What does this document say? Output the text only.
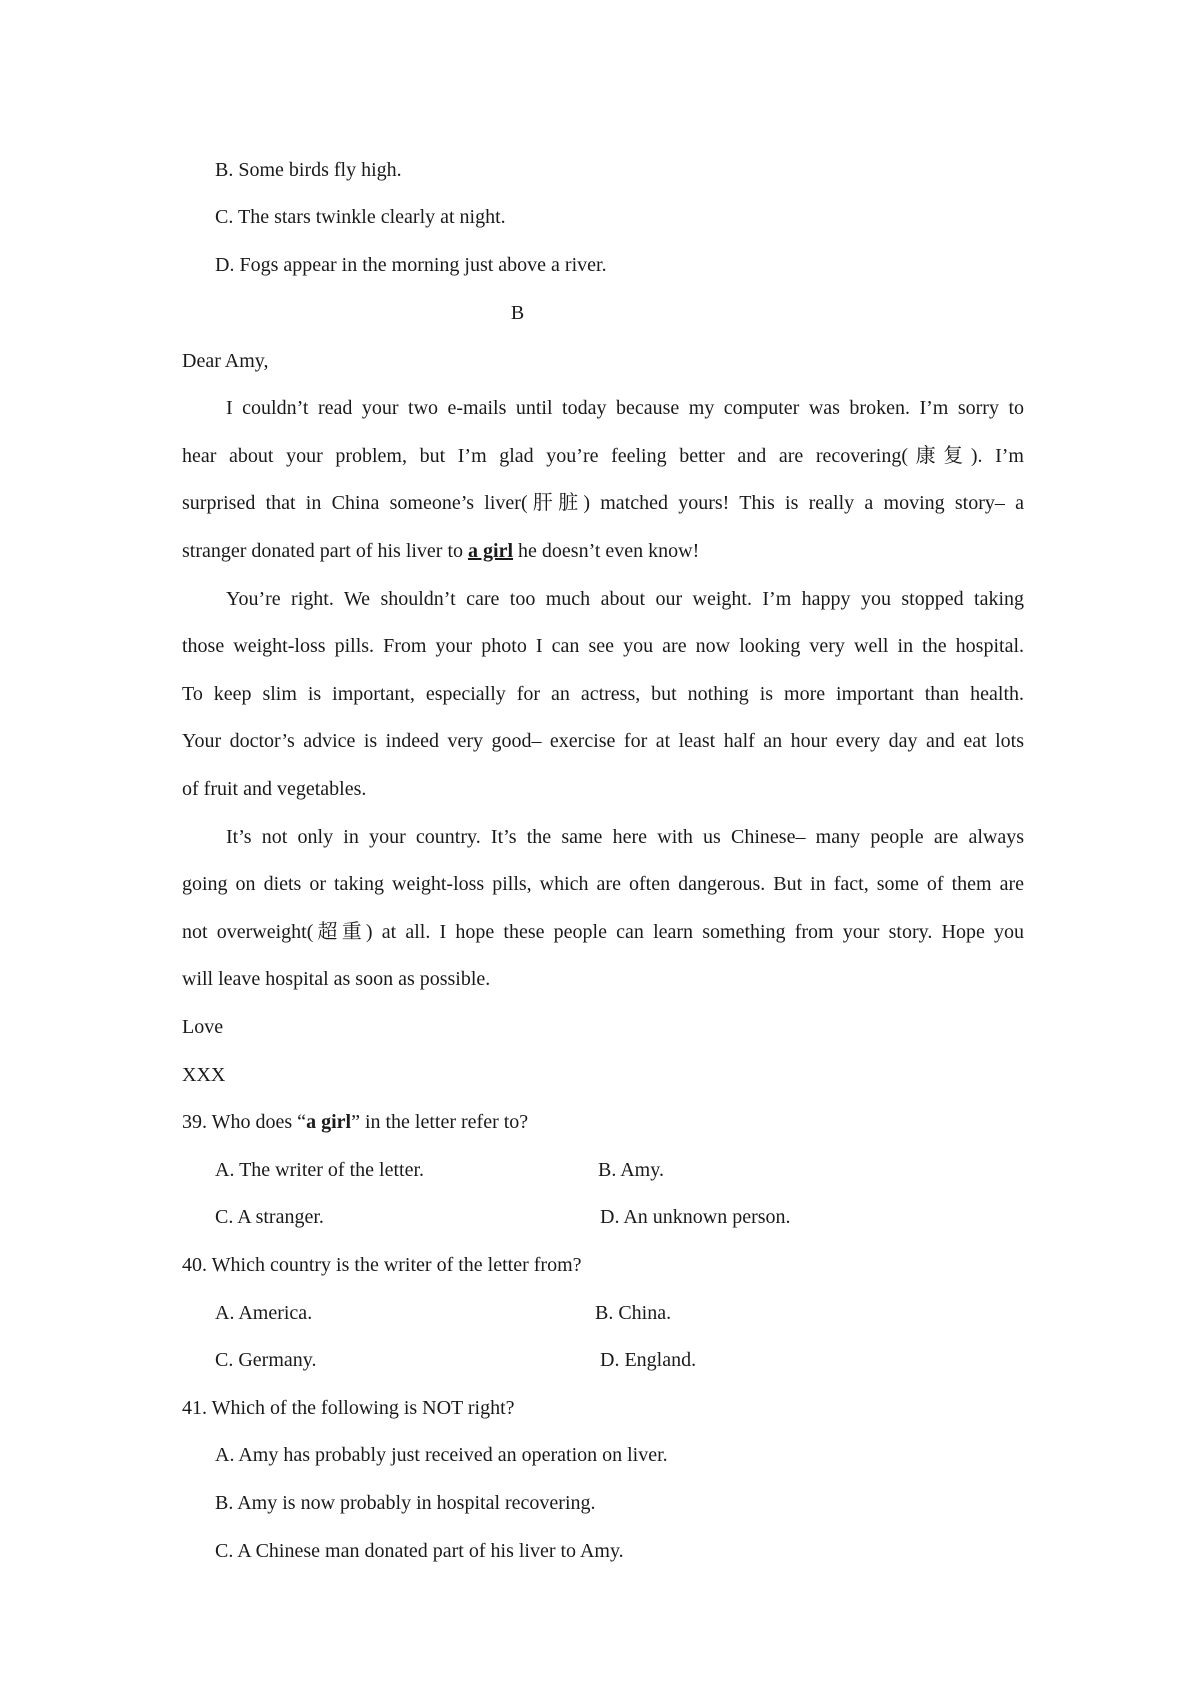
B. Some birds fly high.
C. The stars twinkle clearly at night.
D. Fogs appear in the morning just above a river.
B
Dear Amy,
I couldn’t read your two e-mails until today because my computer was broken. I’m sorry to
hear about your problem, but I’m glad you’re feeling better and are recovering(康复). I’m
surprised that in China someone’s liver(肝脏) matched yours! This is really a moving story– a
stranger donated part of his liver to a girl he doesn’t even know!
You’re right. We shouldn’t care too much about our weight. I’m happy you stopped taking
those weight-loss pills. From your photo I can see you are now looking very well in the hospital.
To keep slim is important, especially for an actress, but nothing is more important than health.
Your doctor’s advice is indeed very good– exercise for at least half an hour every day and eat lots
of fruit and vegetables.
It’s not only in your country. It’s the same here with us Chinese– many people are always
going on diets or taking weight-loss pills, which are often dangerous. But in fact, some of them are
not overweight(超重) at all. I hope these people can learn something from your story. Hope you
will leave hospital as soon as possible.
Love
XXX
39. Who does “a girl” in the letter refer to?
A. The writer of the letter.	B. Amy.
C. A stranger.	D. An unknown person.
40. Which country is the writer of the letter from?
A. America.	B. China.
C. Germany.	D. England.
41. Which of the following is NOT right?
A. Amy has probably just received an operation on liver.
B. Amy is now probably in hospital recovering.
C. A Chinese man donated part of his liver to Amy.
